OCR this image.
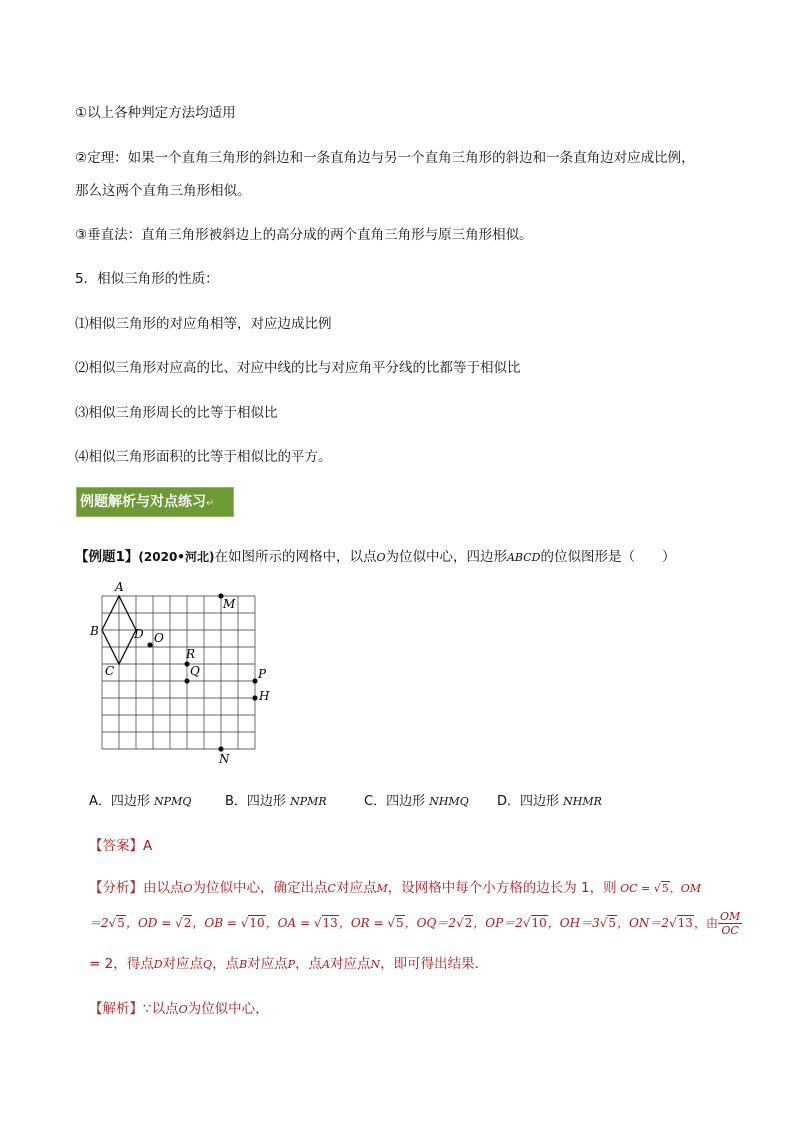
①以上各种判定方法均适用
②定理：如果一个直角三角形的斜边和一条直角边与另一个直角三角形的斜边和一条直角边对应成比例，
那么这两个直角三角形相似。
③垂直法：直角三角形被斜边上的高分成的两个直角三角形与原三角形相似。
5．相似三角形的性质：
⑴相似三角形的对应角相等，对应边成比例
⑵相似三角形对应高的比、对应中线的比与对应角平分线的比都等于相似比
⑶相似三角形周长的比等于相似比
⑷相似三角形面积的比等于相似比的平方。
例题解析与对点练习↵
【例题1】(2020•河北)在如图所示的网格中，以点O为位似中心，四边形ABCD的位似图形是（　　）
A
B
C
D O
M
R
Q	P
H
N
A．四边形 NPMQ	B．四边形 NPMR	C．四边形 NHMQ D．四边形 NHMR
【答案】A
【分析】由以点O为位似中心，确定出点C对应点M，设网格中每个小方格的边长为 1，则 OC = √5，OM
＝2√5，OD = √2，OB = √10，OA = √13，OR = √5，OQ＝2√2，OP＝2√10，OH＝3√5，ON＝2√13，由 $\frac{OM}{OC}$
= 2，得点D对应点Q，点B对应点P，点A对应点N，即可得出结果．
【解析】∵以点O为位似中心，
